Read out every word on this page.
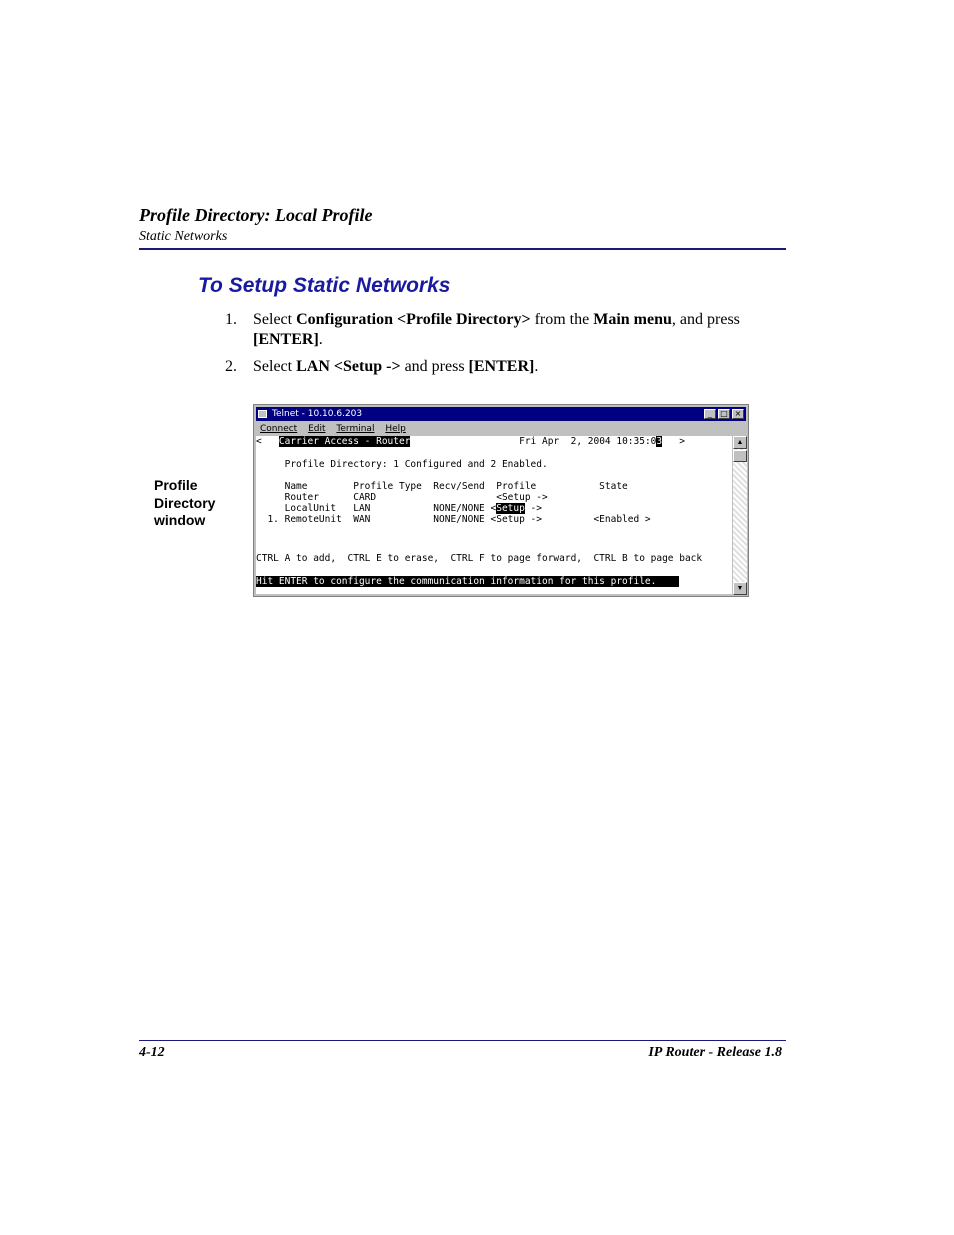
Profile Directory: Local Profile
Static Networks
To Setup Static Networks
1. Select Configuration <Profile Directory> from the Main menu, and press
[ENTER].
2. Select LAN <Setup -> and press [ENTER].
Profile
Directory
window
Telnet - 10.10.6.203	_	□ ×
Connect Edit Terminal Help
<   Carrier Access - Router                   Fri Apr  2, 2004 10:35:03   >
Profile Directory: 1 Configured and 2 Enabled.
Name        Profile Type  Recv/Send  Profile           State
Router      CARD                     <Setup ->
LocalUnit   LAN           NONE/NONE <Setup ->
1. RemoteUnit  WAN           NONE/NONE <Setup ->         <Enabled >
CTRL A to add,  CTRL E to erase,  CTRL F to page forward,  CTRL B to page back
Hit ENTER to configure the communication information for this profile.
▲
▼
4-12	IP Router - Release 1.8
